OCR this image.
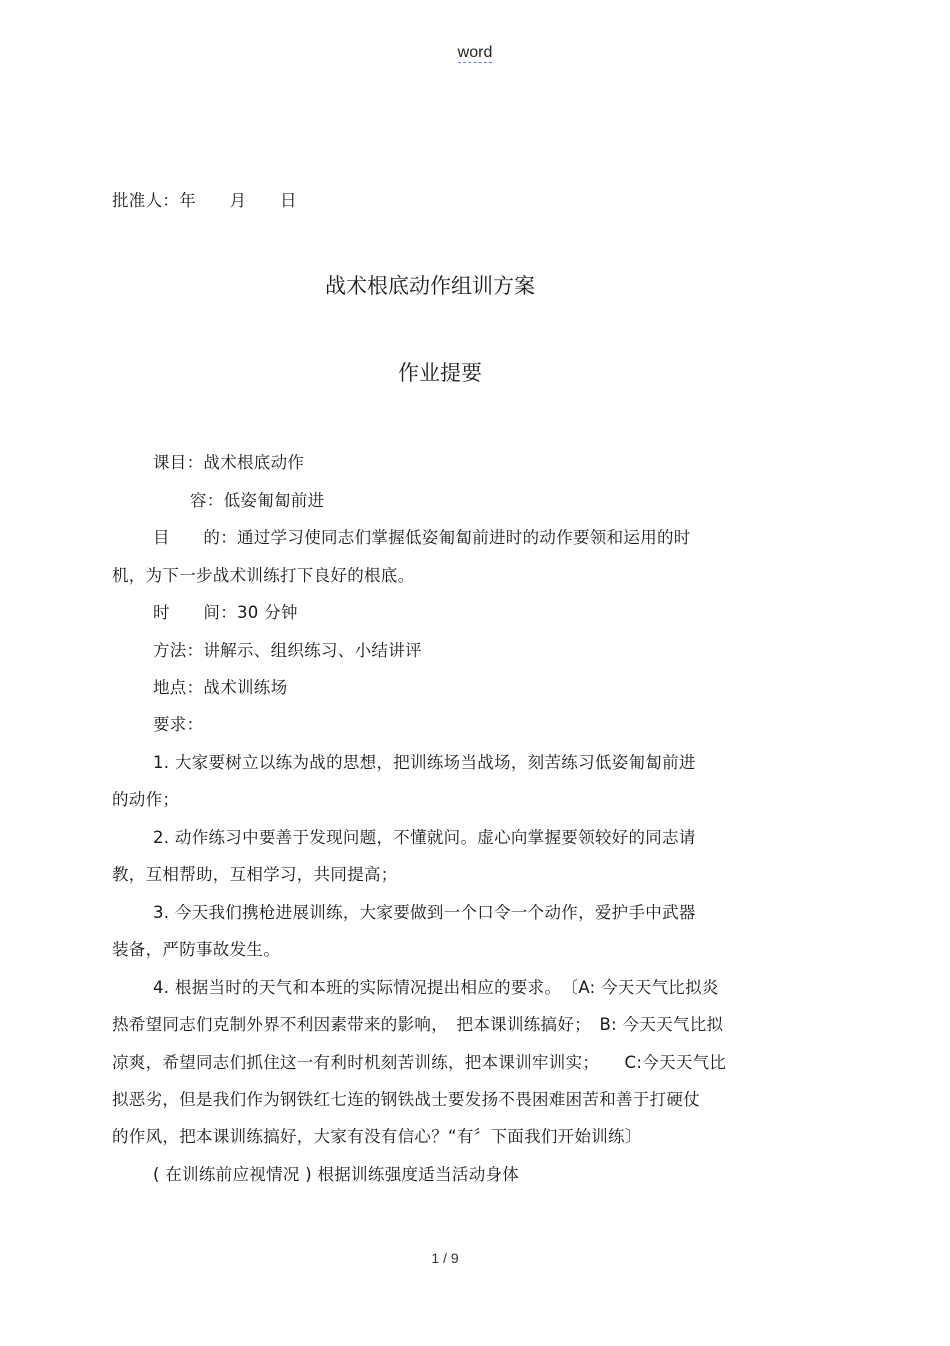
word
批准人：年　　月　　日
战术根底动作组训方案
作业提要
课目：战术根底动作
容：低姿匍匐前进
目　　的：通过学习使同志们掌握低姿匍匐前进时的动作要领和运用的时
机，为下一步战术训练打下良好的根底。
时　　间：30 分钟
方法：讲解示、组织练习、小结讲评
地点：战术训练场
要求：
1. 大家要树立以练为战的思想，把训练场当战场，刻苦练习低姿匍匐前进
的动作；
2. 动作练习中要善于发现问题，不懂就问。虚心向掌握要领较好的同志请
教，互相帮助，互相学习，共同提高；
3. 今天我们携枪进展训练，大家要做到一个口令一个动作，爱护手中武器
装备，严防事故发生。
4. 根据当时的天气和本班的实际情况提出相应的要求。　〔A: 今天天气比拟炎
热希望同志们克制外界不利因素带来的影响，　把本课训练搞好；　B: 今天天气比拟
凉爽，希望同志们抓住这一有利时机刻苦训练，把本课训牢训实；　　C:今天天气比
拟恶劣，但是我们作为钢铁红七连的钢铁战士要发扬不畏困难困苦和善于打硬仗
的作风，把本课训练搞好，大家有没有信心？“有〞下面我们开始训练〕
( 在训练前应视情况 ) 根据训练强度适当活动身体
1 / 9
